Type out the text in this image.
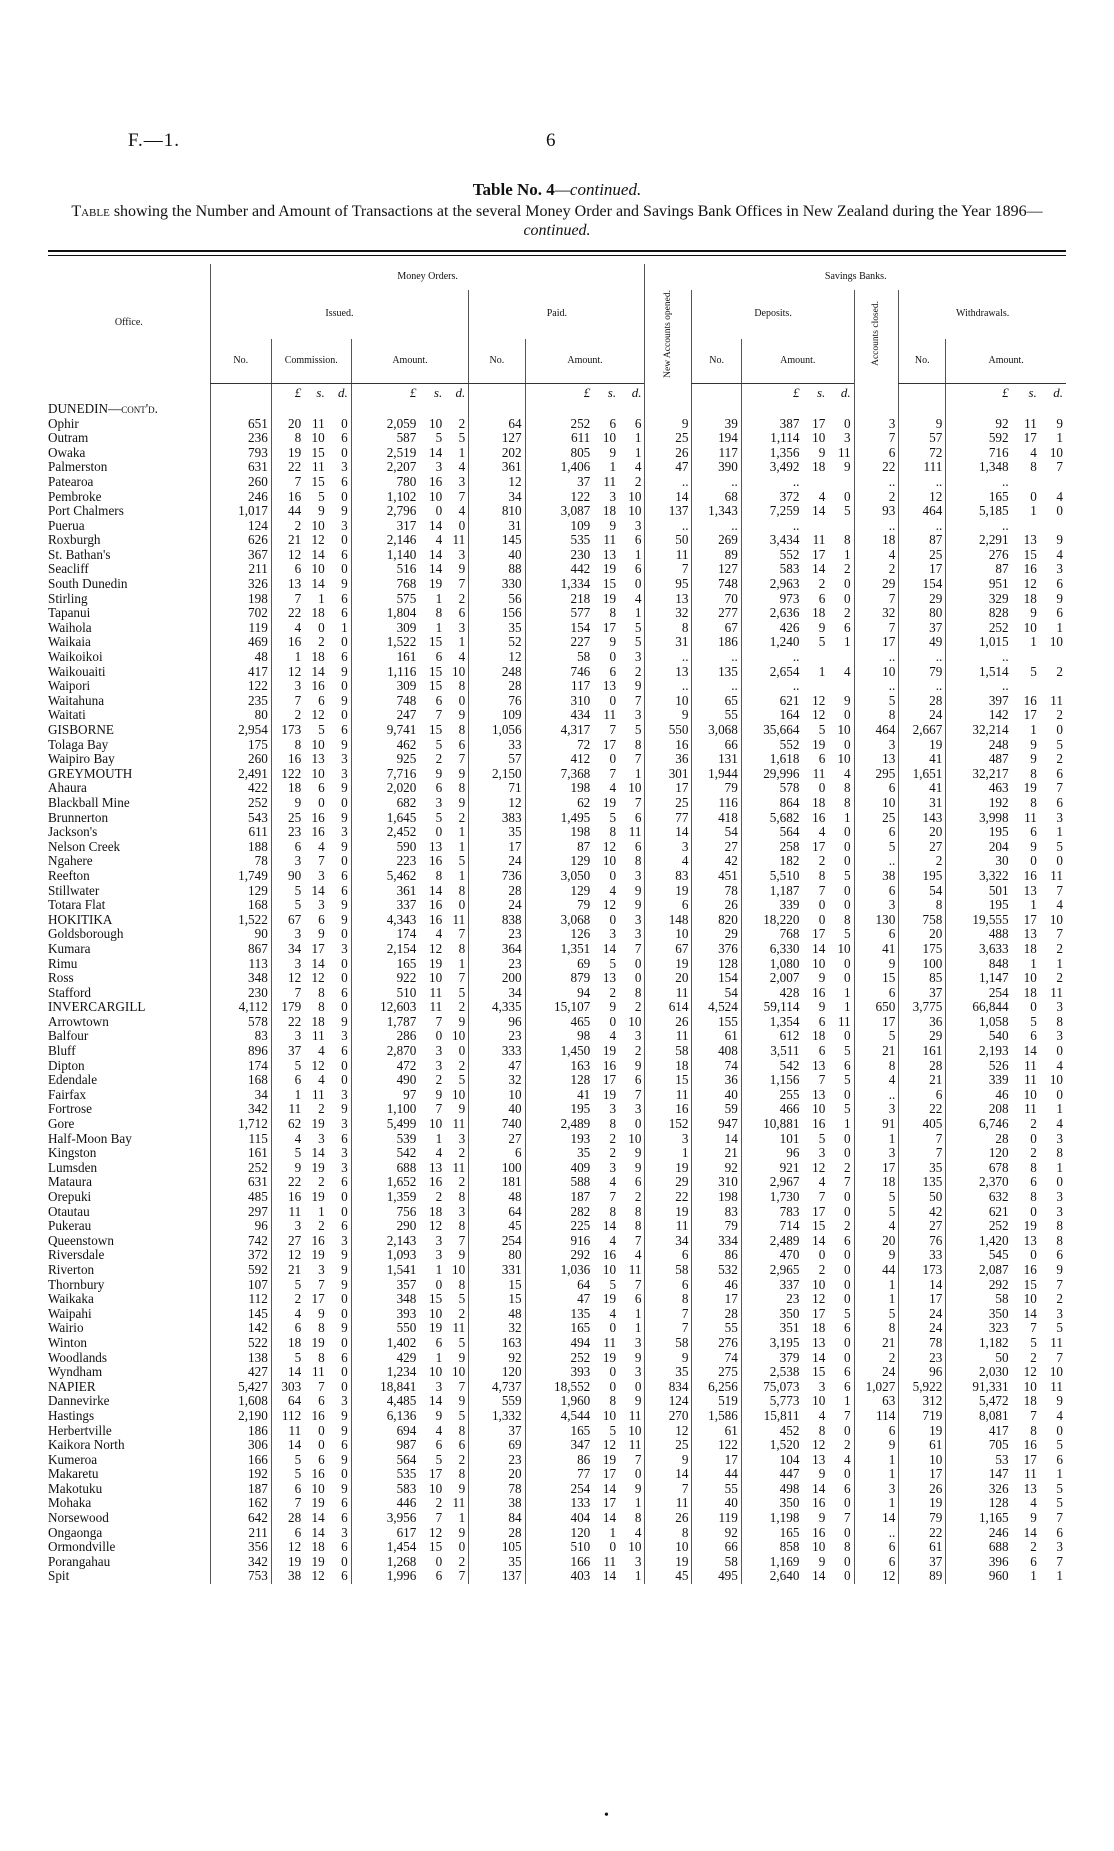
F.—1.	6
Table No. 4—continued.
Table showing the Number and Amount of Transactions at the several Money Order and Savings Bank Offices in New Zealand during the Year 1896—continued.
Office.	Money Orders.											Savings Banks.									
	Issued.							Paid.				New Accounts opened.	Deposits.				Accounts closed.	Withdrawals.			
	No.	Commission.			Amount.			No.	Amount.				No.	Amount.				No.	Amount.		
		£	s.	d.	£	s.	d.		£	s.	d.			£	s.	d.			£	s.	d.
DUNEDIN—cont'd.																					
Ophir	651	20	11	0	2,059	10	2	64	252	6	6	9	39	387	17	0	3	9	92	11	9
Outram	236	8	10	6	587	5	5	127	611	10	1	25	194	1,114	10	3	7	57	592	17	1
Owaka	793	19	15	0	2,519	14	1	202	805	9	1	26	117	1,356	9	11	6	72	716	4	10
Palmerston	631	22	11	3	2,207	3	4	361	1,406	1	4	47	390	3,492	18	9	22	111	1,348	8	7
Patearoa	260	7	15	6	780	16	3	12	37	11	2	..	..	..			..	..	..		
Pembroke	246	16	5	0	1,102	10	7	34	122	3	10	14	68	372	4	0	2	12	165	0	4
Port Chalmers	1,017	44	9	9	2,796	0	4	810	3,087	18	10	137	1,343	7,259	14	5	93	464	5,185	1	0
Puerua	124	2	10	3	317	14	0	31	109	9	3	..	..	..			..	..	..		
Roxburgh	626	21	12	0	2,146	4	11	145	535	11	6	50	269	3,434	11	8	18	87	2,291	13	9
St. Bathan's	367	12	14	6	1,140	14	3	40	230	13	1	11	89	552	17	1	4	25	276	15	4
Seacliff	211	6	10	0	516	14	9	88	442	19	6	7	127	583	14	2	2	17	87	16	3
South Dunedin	326	13	14	9	768	19	7	330	1,334	15	0	95	748	2,963	2	0	29	154	951	12	6
Stirling	198	7	1	6	575	1	2	56	218	19	4	13	70	973	6	0	7	29	329	18	9
Tapanui	702	22	18	6	1,804	8	6	156	577	8	1	32	277	2,636	18	2	32	80	828	9	6
Waihola	119	4	0	1	309	1	3	35	154	17	5	8	67	426	9	6	7	37	252	10	1
Waikaia	469	16	2	0	1,522	15	1	52	227	9	5	31	186	1,240	5	1	17	49	1,015	1	10
Waikoikoi	48	1	18	6	161	6	4	12	58	0	3	..	..	..			..	..	..		
Waikouaiti	417	12	14	9	1,116	15	10	248	746	6	2	13	135	2,654	1	4	10	79	1,514	5	2
Waipori	122	3	16	0	309	15	8	28	117	13	9	..	..	..			..	..	..		
Waitahuna	235	7	6	9	748	6	0	76	310	0	7	10	65	621	12	9	5	28	397	16	11
Waitati	80	2	12	0	247	7	9	109	434	11	3	9	55	164	12	0	8	24	142	17	2
GISBORNE	2,954	173	5	6	9,741	15	8	1,056	4,317	7	5	550	3,068	35,664	5	10	464	2,667	32,214	1	0
Tolaga Bay	175	8	10	9	462	5	6	33	72	17	8	16	66	552	19	0	3	19	248	9	5
Waipiro Bay	260	16	13	3	925	2	7	57	412	0	7	36	131	1,618	6	10	13	41	487	9	2
GREYMOUTH	2,491	122	10	3	7,716	9	9	2,150	7,368	7	1	301	1,944	29,996	11	4	295	1,651	32,217	8	6
Ahaura	422	18	6	9	2,020	6	8	71	198	4	10	17	79	578	0	8	6	41	463	19	7
Blackball Mine	252	9	0	0	682	3	9	12	62	19	7	25	116	864	18	8	10	31	192	8	6
Brunnerton	543	25	16	9	1,645	5	2	383	1,495	5	6	77	418	5,682	16	1	25	143	3,998	11	3
Jackson's	611	23	16	3	2,452	0	1	35	198	8	11	14	54	564	4	0	6	20	195	6	1
Nelson Creek	188	6	4	9	590	13	1	17	87	12	6	3	27	258	17	0	5	27	204	9	5
Ngahere	78	3	7	0	223	16	5	24	129	10	8	4	42	182	2	0	..	2	30	0	0
Reefton	1,749	90	3	6	5,462	8	1	736	3,050	0	3	83	451	5,510	8	5	38	195	3,322	16	11
Stillwater	129	5	14	6	361	14	8	28	129	4	9	19	78	1,187	7	0	6	54	501	13	7
Totara Flat	168	5	3	9	337	16	0	24	79	12	9	6	26	339	0	0	3	8	195	1	4
HOKITIKA	1,522	67	6	9	4,343	16	11	838	3,068	0	3	148	820	18,220	0	8	130	758	19,555	17	10
Goldsborough	90	3	9	0	174	4	7	23	126	3	3	10	29	768	17	5	6	20	488	13	7
Kumara	867	34	17	3	2,154	12	8	364	1,351	14	7	67	376	6,330	14	10	41	175	3,633	18	2
Rimu	113	3	14	0	165	19	1	23	69	5	0	19	128	1,080	10	0	9	100	848	1	1
Ross	348	12	12	0	922	10	7	200	879	13	0	20	154	2,007	9	0	15	85	1,147	10	2
Stafford	230	7	8	6	510	11	5	34	94	2	8	11	54	428	16	1	6	37	254	18	11
INVERCARGILL	4,112	179	8	0	12,603	11	2	4,335	15,107	9	2	614	4,524	59,114	9	1	650	3,775	66,844	0	3
Arrowtown	578	22	18	9	1,787	7	9	96	465	0	10	26	155	1,354	6	11	17	36	1,058	5	8
Balfour	83	3	11	3	286	0	10	23	98	4	3	11	61	612	18	0	5	29	540	6	3
Bluff	896	37	4	6	2,870	3	0	333	1,450	19	2	58	408	3,511	6	5	21	161	2,193	14	0
Dipton	174	5	12	0	472	3	2	47	163	16	9	18	74	542	13	6	8	28	526	11	4
Edendale	168	6	4	0	490	2	5	32	128	17	6	15	36	1,156	7	5	4	21	339	11	10
Fairfax	34	1	11	3	97	9	10	10	41	19	7	11	40	255	13	0	..	6	46	10	0
Fortrose	342	11	2	9	1,100	7	9	40	195	3	3	16	59	466	10	5	3	22	208	11	1
Gore	1,712	62	19	3	5,499	10	11	740	2,489	8	0	152	947	10,881	16	1	91	405	6,746	2	4
Half-Moon Bay	115	4	3	6	539	1	3	27	193	2	10	3	14	101	5	0	1	7	28	0	3
Kingston	161	5	14	3	542	4	2	6	35	2	9	1	21	96	3	0	3	7	120	2	8
Lumsden	252	9	19	3	688	13	11	100	409	3	9	19	92	921	12	2	17	35	678	8	1
Mataura	631	22	2	6	1,652	16	2	181	588	4	6	29	310	2,967	4	7	18	135	2,370	6	0
Orepuki	485	16	19	0	1,359	2	8	48	187	7	2	22	198	1,730	7	0	5	50	632	8	3
Otautau	297	11	1	0	756	18	3	64	282	8	8	19	83	783	17	0	5	42	621	0	3
Pukerau	96	3	2	6	290	12	8	45	225	14	8	11	79	714	15	2	4	27	252	19	8
Queenstown	742	27	16	3	2,143	3	7	254	916	4	7	34	334	2,489	14	6	20	76	1,420	13	8
Riversdale	372	12	19	9	1,093	3	9	80	292	16	4	6	86	470	0	0	9	33	545	0	6
Riverton	592	21	3	9	1,541	1	10	331	1,036	10	11	58	532	2,965	2	0	44	173	2,087	16	9
Thornbury	107	5	7	9	357	0	8	15	64	5	7	6	46	337	10	0	1	14	292	15	7
Waikaka	112	2	17	0	348	15	5	15	47	19	6	8	17	23	12	0	1	17	58	10	2
Waipahi	145	4	9	0	393	10	2	48	135	4	1	7	28	350	17	5	5	24	350	14	3
Wairio	142	6	8	9	550	19	11	32	165	0	1	7	55	351	18	6	8	24	323	7	5
Winton	522	18	19	0	1,402	6	5	163	494	11	3	58	276	3,195	13	0	21	78	1,182	5	11
Woodlands	138	5	8	6	429	1	9	92	252	19	9	9	74	379	14	0	2	23	50	2	7
Wyndham	427	14	11	0	1,234	10	10	120	393	0	3	35	275	2,538	15	6	24	96	2,030	12	10
NAPIER	5,427	303	7	0	18,841	3	7	4,737	18,552	0	0	834	6,256	75,073	3	6	1,027	5,922	91,331	10	11
Dannevirke	1,608	64	6	3	4,485	14	9	559	1,960	8	9	124	519	5,773	10	1	63	312	5,472	18	9
Hastings	2,190	112	16	9	6,136	9	5	1,332	4,544	10	11	270	1,586	15,811	4	7	114	719	8,081	7	4
Herbertville	186	11	0	9	694	4	8	37	165	5	10	12	61	452	8	0	6	19	417	8	0
Kaikora North	306	14	0	6	987	6	6	69	347	12	11	25	122	1,520	12	2	9	61	705	16	5
Kumeroa	166	5	6	9	564	5	2	23	86	19	7	9	17	104	13	4	1	10	53	17	6
Makaretu	192	5	16	0	535	17	8	20	77	17	0	14	44	447	9	0	1	17	147	11	1
Makotuku	187	6	10	9	583	10	9	78	254	14	9	7	55	498	14	6	3	26	326	13	5
Mohaka	162	7	19	6	446	2	11	38	133	17	1	11	40	350	16	0	1	19	128	4	5
Norsewood	642	28	14	6	3,956	7	1	84	404	14	8	26	119	1,198	9	7	14	79	1,165	9	7
Ongaonga	211	6	14	3	617	12	9	28	120	1	4	8	92	165	16	0	..	22	246	14	6
Ormondville	356	12	18	6	1,454	15	0	105	510	0	10	10	66	858	10	8	6	61	688	2	3
Porangahau	342	19	19	0	1,268	0	2	35	166	11	3	19	58	1,169	9	0	6	37	396	6	7
Spit	753	38	12	6	1,996	6	7	137	403	14	1	45	495	2,640	14	0	12	89	960	1	1
•
